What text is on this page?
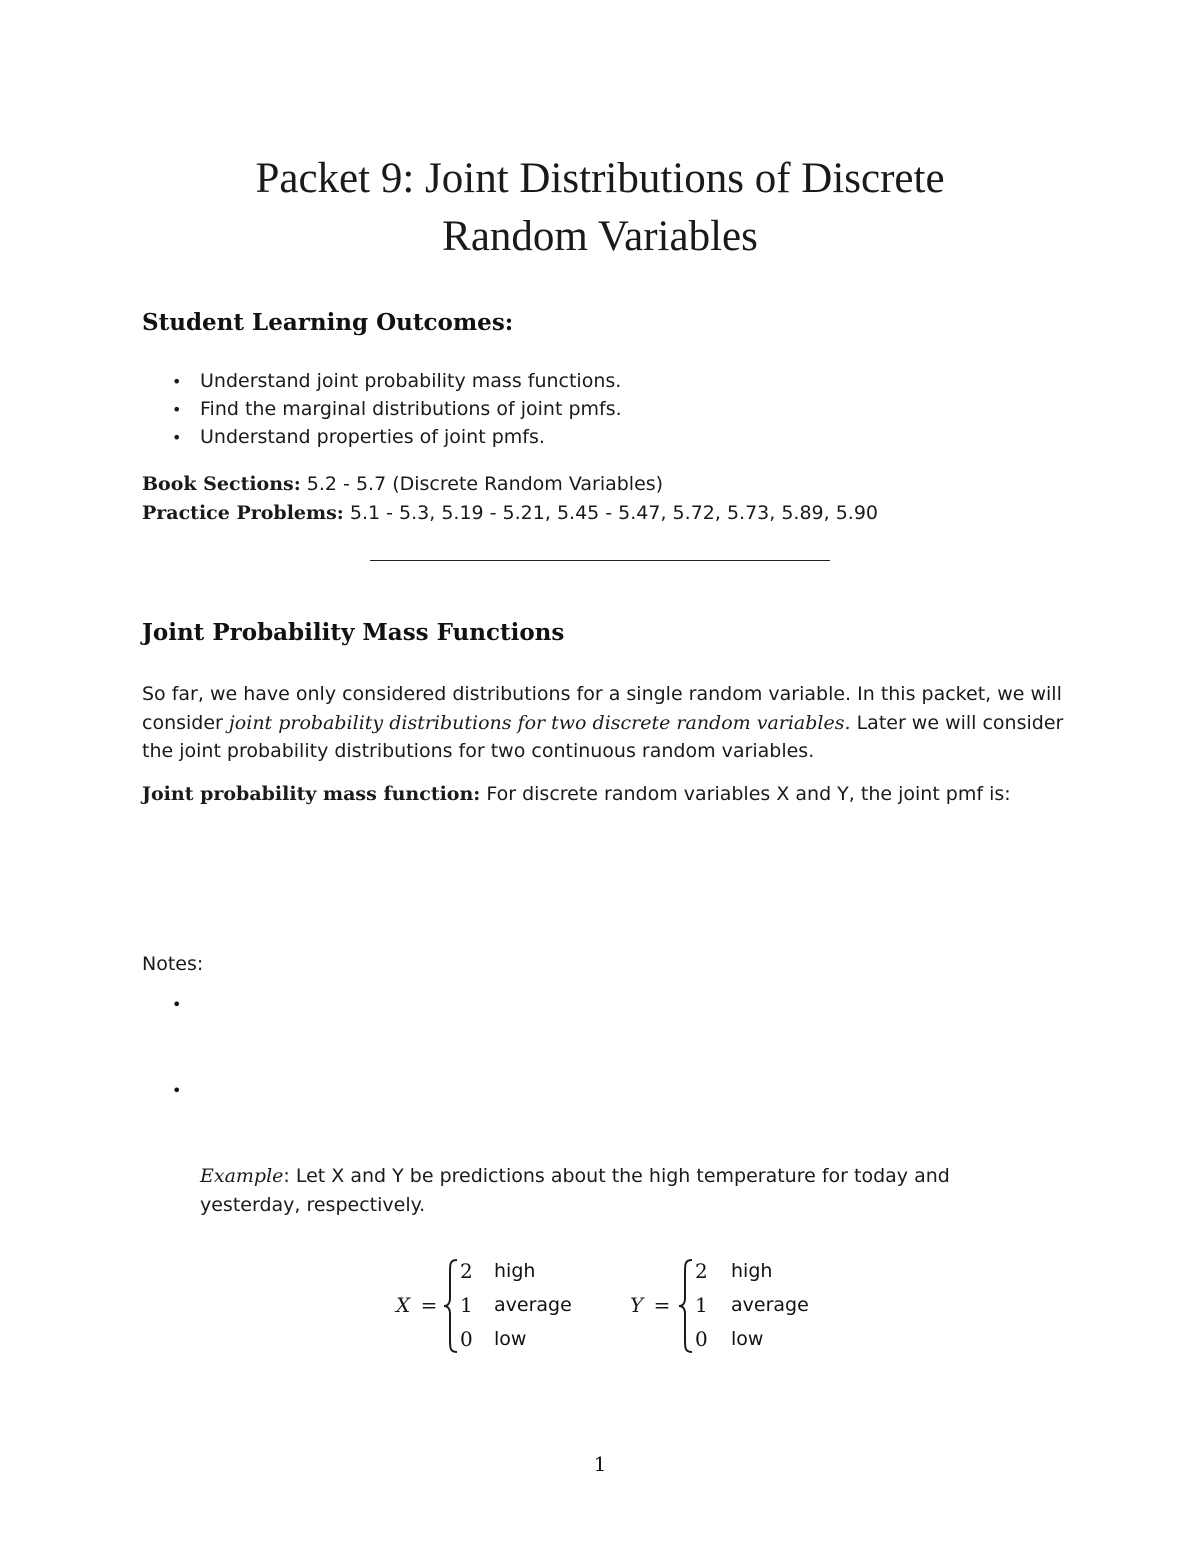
Packet 9: Joint Distributions of Discrete
Random Variables
Student Learning Outcomes:
• Understand joint probability mass functions.
• Find the marginal distributions of joint pmfs.
• Understand properties of joint pmfs.
Book Sections: 5.2 - 5.7 (Discrete Random Variables)
Practice Problems: 5.1 - 5.3, 5.19 - 5.21, 5.45 - 5.47, 5.72, 5.73, 5.89, 5.90
Joint Probability Mass Functions
So far, we have only considered distributions for a single random variable. In this packet, we will consider joint probability distributions for two discrete random variables. Later we will consider the joint probability distributions for two continuous random variables.
Joint probability mass function: For discrete random variables X and Y, the joint pmf is:
Notes:
•
•
Example: Let X and Y be predictions about the high temperature for today and yesterday, respectively.
X =
2 high
1 average
0 low
Y =
2 high
1 average
0 low
1
